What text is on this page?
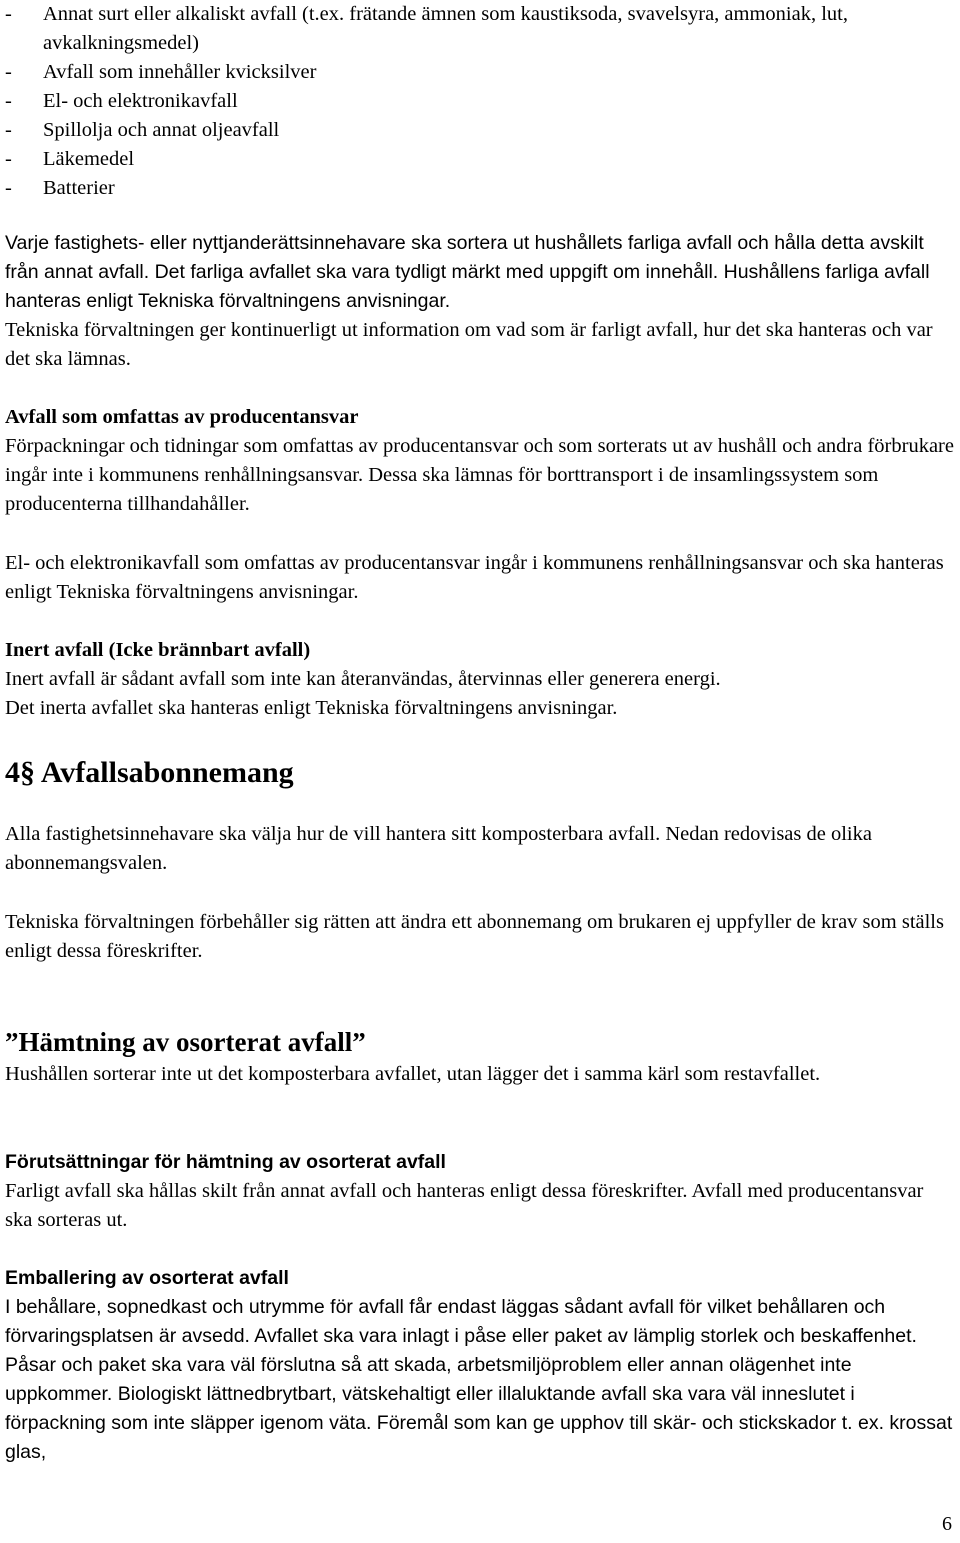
-	Annat surt eller alkaliskt avfall (t.ex. frätande ämnen som kaustiksoda, svavelsyra, ammoniak, lut, avkalkningsmedel)
-	Avfall som innehåller kvicksilver
-	El- och elektronikavfall
-	Spillolja och annat oljeavfall
-	Läkemedel
-	Batterier

Varje fastighets- eller nyttjanderättsinnehavare ska sortera ut hushållets farliga avfall och hålla detta avskilt från annat avfall. Det farliga avfallet ska vara tydligt märkt med uppgift om innehåll. Hushållens farliga avfall hanteras enligt Tekniska förvaltningens anvisningar.

Tekniska förvaltningen ger kontinuerligt ut information om vad som är farligt avfall, hur det ska hanteras och var det ska lämnas.

Avfall som omfattas av producentansvar

Förpackningar och tidningar som omfattas av producentansvar och som sorterats ut av hushåll och andra förbrukare ingår inte i kommunens renhållningsansvar. Dessa ska lämnas för borttransport i de insamlingssystem som producenterna tillhandahåller.

El- och elektronikavfall som omfattas av producentansvar ingår i kommunens renhållningsansvar och ska hanteras enligt Tekniska förvaltningens anvisningar.

Inert avfall (Icke brännbart avfall)

Inert avfall är sådant avfall som inte kan återanvändas, återvinnas eller generera energi.

Det inerta avfallet ska hanteras enligt Tekniska förvaltningens anvisningar.

4§ Avfallsabonnemang

Alla fastighetsinnehavare ska välja hur de vill hantera sitt komposterbara avfall. Nedan redovisas de olika abonnemangsvalen.

Tekniska förvaltningen förbehåller sig rätten att ändra ett abonnemang om brukaren ej uppfyller de krav som ställs enligt dessa föreskrifter.

”Hämtning av osorterat avfall”

Hushållen sorterar inte ut det komposterbara avfallet, utan lägger det i samma kärl som restavfallet.

Förutsättningar för hämtning av osorterat avfall

Farligt avfall ska hållas skilt från annat avfall och hanteras enligt dessa föreskrifter. Avfall med producentansvar ska sorteras ut.

Emballering av osorterat avfall

I behållare, sopnedkast och utrymme för avfall får endast läggas sådant avfall för vilket behållaren och förvaringsplatsen är avsedd. Avfallet ska vara inlagt i påse eller paket av lämplig storlek och beskaffenhet. Påsar och paket ska vara väl förslutna så att skada, arbetsmiljöproblem eller annan olägenhet inte uppkommer. Biologiskt lättnedbrytbart, vätskehaltigt eller illaluktande avfall ska vara väl inneslutet i förpackning som inte släpper igenom väta. Föremål som kan ge upphov till skär- och stickskador t. ex. krossat glas,

6
